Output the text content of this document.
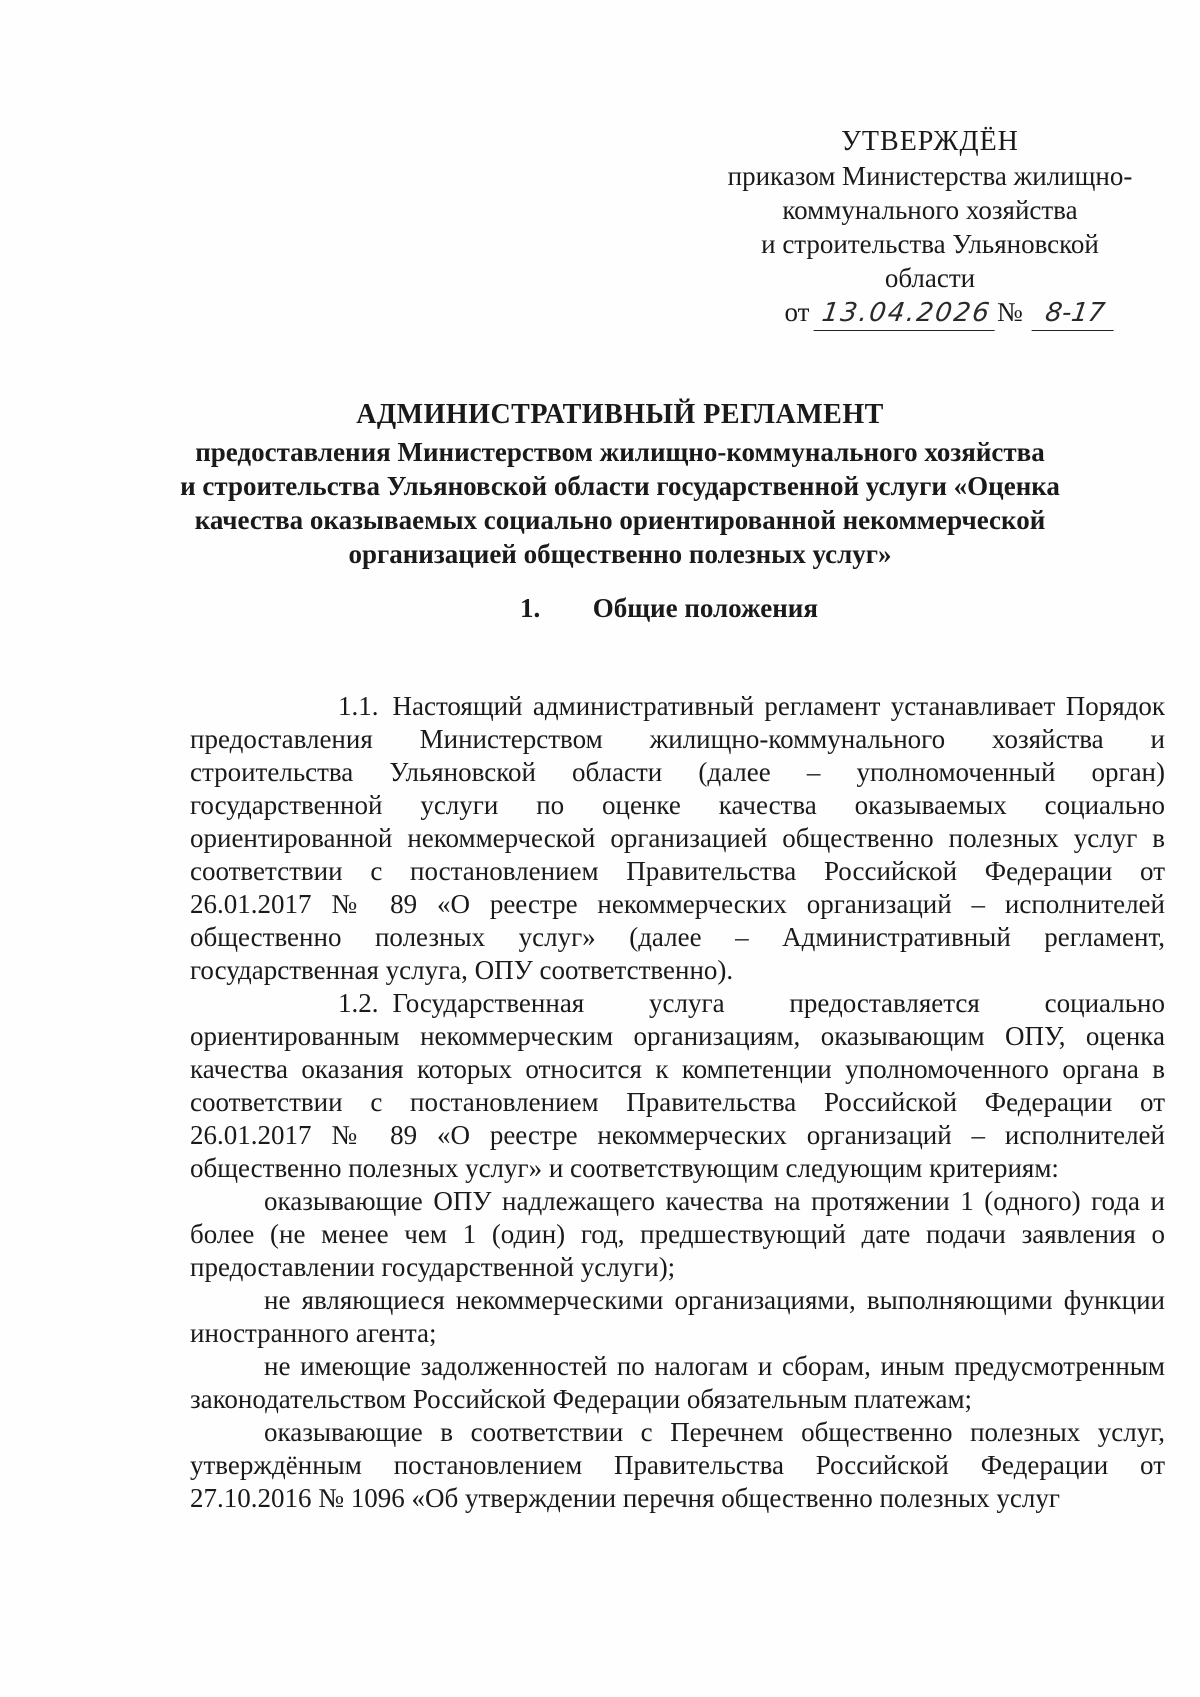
УТВЕРЖДЁН
приказом Министерства жилищно-
коммунального хозяйства
и строительства Ульяновской
области
от 13.04.2026 № 8-17
АДМИНИСТРАТИВНЫЙ РЕГЛАМЕНТ
предоставления Министерством жилищно-коммунального хозяйства
и строительства Ульяновской области государственной услуги «Оценка
качества оказываемых социально ориентированной некоммерческой
организацией общественно полезных услуг»
1. Общие положения

1.1. Настоящий административный регламент устанавливает Порядок предоставления Министерством жилищно-коммунального хозяйства и строительства Ульяновской области (далее – уполномоченный орган) государственной услуги по оценке качества оказываемых социально ориентированной некоммерческой организацией общественно полезных услуг в соответствии с постановлением Правительства Российской Федерации от 26.01.2017 № 89 «О реестре некоммерческих организаций – исполнителей общественно полезных услуг» (далее – Административный регламент, государственная услуга, ОПУ соответственно).

1.2. Государственная услуга предоставляется социально ориентированным некоммерческим организациям, оказывающим ОПУ, оценка качества оказания которых относится к компетенции уполномоченного органа в соответствии с постановлением Правительства Российской Федерации от 26.01.2017 № 89 «О реестре некоммерческих организаций – исполнителей общественно полезных услуг» и соответствующим следующим критериям:

оказывающие ОПУ надлежащего качества на протяжении 1 (одного) года и более (не менее чем 1 (один) год, предшествующий дате подачи заявления о предоставлении государственной услуги);

не являющиеся некоммерческими организациями, выполняющими функции иностранного агента;

не имеющие задолженностей по налогам и сборам, иным предусмотренным законодательством Российской Федерации обязательным платежам;

оказывающие в соответствии с Перечнем общественно полезных услуг, утверждённым постановлением Правительства Российской Федерации от 27.10.2016 № 1096 «Об утверждении перечня общественно полезных услуг
